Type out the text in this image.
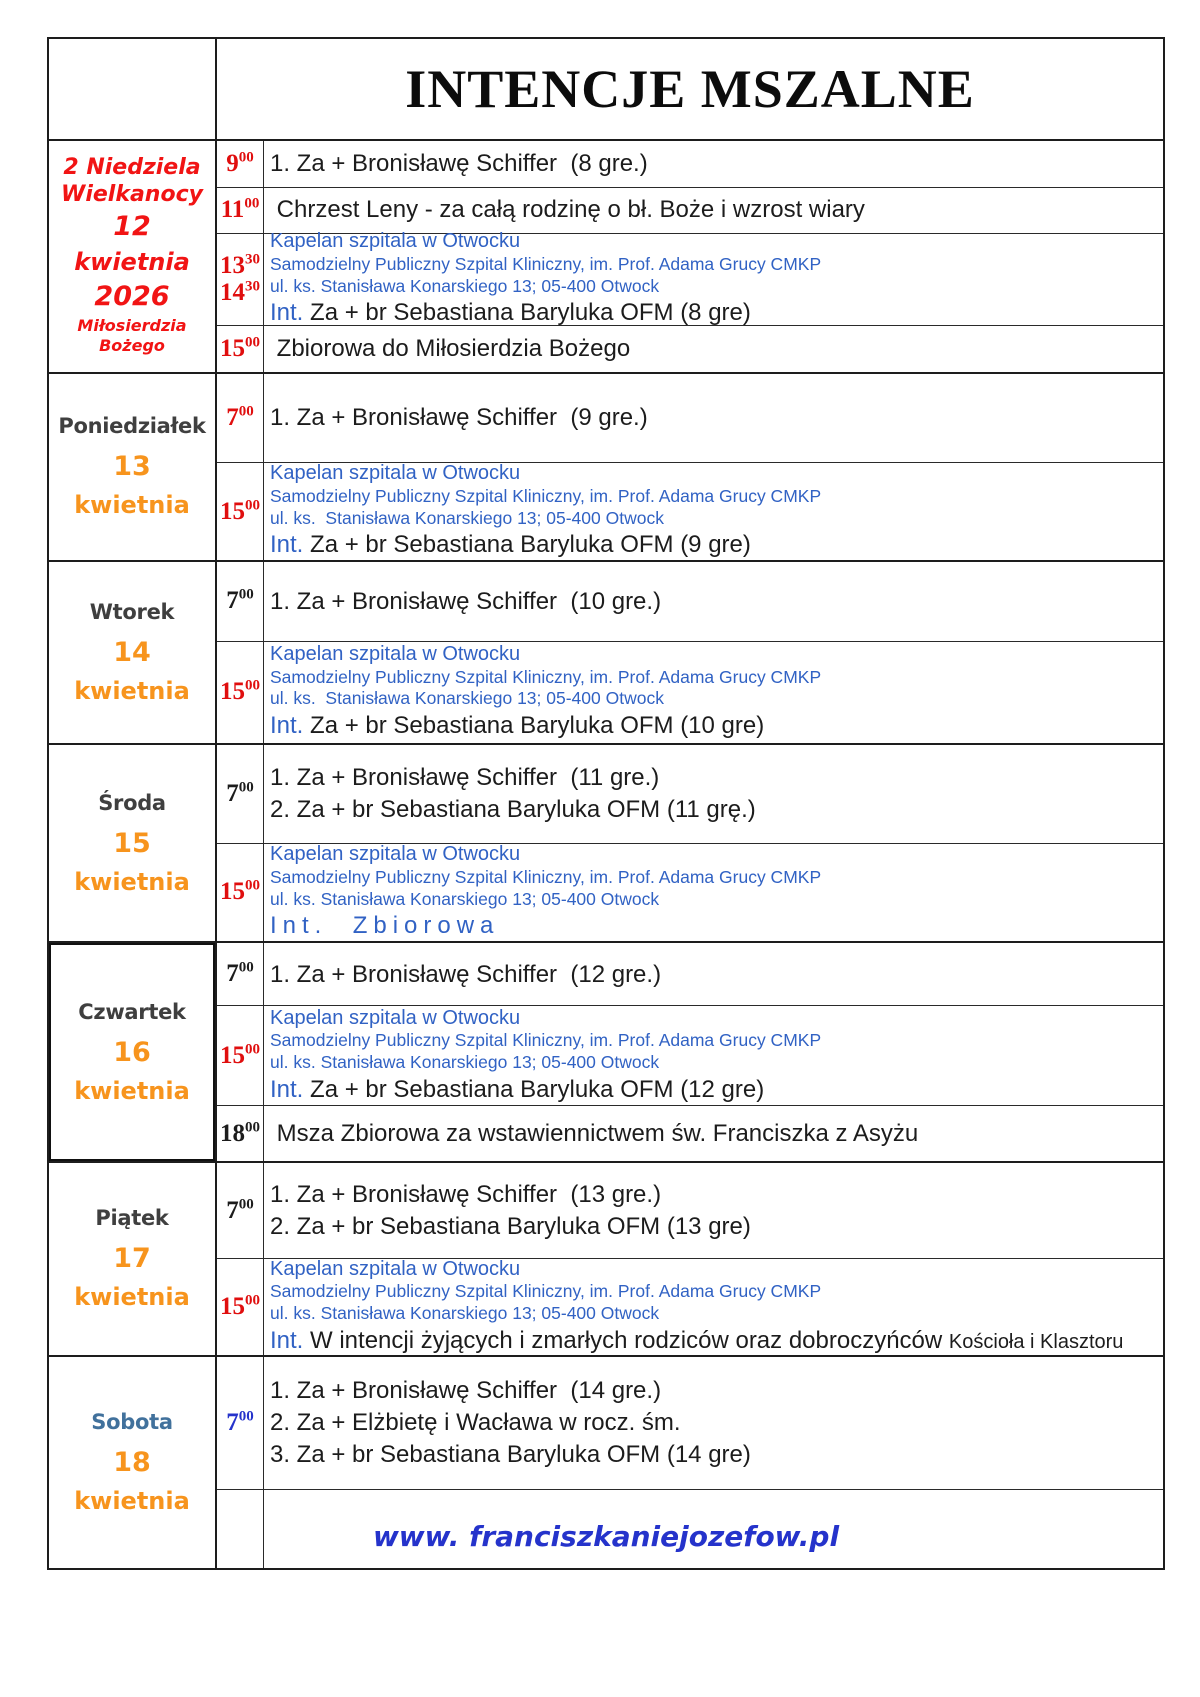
INTENCJE MSZALNE
2 Niedziela
Wielkanocy
12
kwietnia
2026
Miłosierdzia
Bożego
$9^{00}$ 1. Za + Bronisławę Schiffer  (8 gre.)
$11^{00}$ Chrzest Leny - za całą rodzinę o bł. Boże i wzrost wiary
$13^{30}$
$14^{30}$
Kapelan szpitala w Otwocku
Samodzielny Publiczny Szpital Kliniczny, im. Prof. Adama Grucy CMKP
ul. ks. Stanisława Konarskiego 13; 05-400 Otwock
Int. Za + br Sebastiana Baryluka OFM (8 gre)
$15^{00}$ Zbiorowa do Miłosierdzia Bożego
Poniedziałek
13
kwietnia
$7^{00}$ 1. Za + Bronisławę Schiffer  (9 gre.)
$15^{00}$
Kapelan szpitala w Otwocku
Samodzielny Publiczny Szpital Kliniczny, im. Prof. Adama Grucy CMKP
ul. ks.  Stanisława Konarskiego 13; 05-400 Otwock
Int. Za + br Sebastiana Baryluka OFM (9 gre)
Wtorek
14
kwietnia
$7^{00}$ 1. Za + Bronisławę Schiffer  (10 gre.)
$15^{00}$
Kapelan szpitala w Otwocku
Samodzielny Publiczny Szpital Kliniczny, im. Prof. Adama Grucy CMKP
ul. ks.  Stanisława Konarskiego 13; 05-400 Otwock
Int. Za + br Sebastiana Baryluka OFM (10 gre)
Środa
15
kwietnia
$7^{00}$ 1. Za + Bronisławę Schiffer  (11 gre.)
2. Za + br Sebastiana Baryluka OFM (11 grę.)
$15^{00}$
Kapelan szpitala w Otwocku
Samodzielny Publiczny Szpital Kliniczny, im. Prof. Adama Grucy CMKP
ul. ks. Stanisława Konarskiego 13; 05-400 Otwock
Int.  Zbiorowa
Czwartek
16
kwietnia
$7^{00}$ 1. Za + Bronisławę Schiffer  (12 gre.)
$15^{00}$
Kapelan szpitala w Otwocku
Samodzielny Publiczny Szpital Kliniczny, im. Prof. Adama Grucy CMKP
ul. ks. Stanisława Konarskiego 13; 05-400 Otwock
Int. Za + br Sebastiana Baryluka OFM (12 gre)
$18^{00}$ Msza Zbiorowa za wstawiennictwem św. Franciszka z Asyżu
Piątek
17
kwietnia
$7^{00}$ 1. Za + Bronisławę Schiffer  (13 gre.)
2. Za + br Sebastiana Baryluka OFM (13 gre)
$15^{00}$
Kapelan szpitala w Otwocku
Samodzielny Publiczny Szpital Kliniczny, im. Prof. Adama Grucy CMKP
ul. ks. Stanisława Konarskiego 13; 05-400 Otwock
Int. W intencji żyjących i zmarłych rodziców oraz dobroczyńców Kościoła i Klasztoru
Sobota
18
kwietnia
$7^{00}$
1. Za + Bronisławę Schiffer  (14 gre.)
2. Za + Elżbietę i Wacława w rocz. śm.
3. Za + br Sebastiana Baryluka OFM (14 gre)
www. franciszkaniejozefow.pl
